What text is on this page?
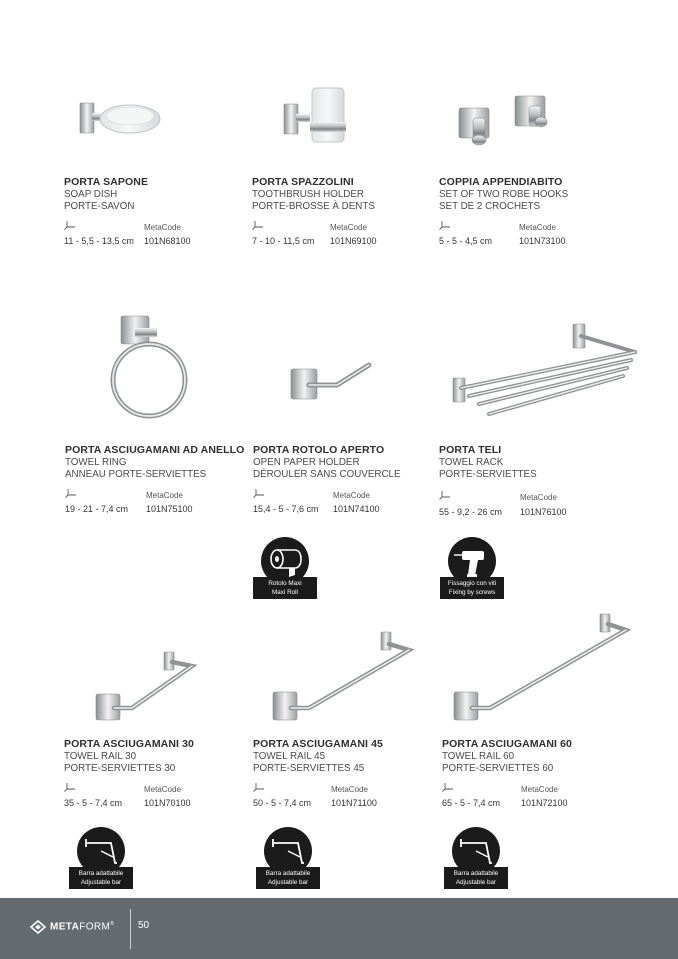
PORTA SAPONE
SOAP DISH
PORTE-SAVON
MetaCode
11 - 5,5 - 13,5 cm 101N68100
PORTA SPAZZOLINI
TOOTHBRUSH HOLDER
PORTE-BROSSE À DENTS
MetaCode
7 - 10 - 11,5 cm 101N69100
COPPIA APPENDIABITO
SET OF TWO ROBE HOOKS
SET DE 2 CROCHETS
MetaCode
5 - 5 - 4,5 cm	101N73100
PORTA ASCIUGAMANI AD ANELLO
TOWEL RING
ANNEAU PORTE-SERVIETTES
MetaCode
19 - 21 - 7,4 cm 101N75100
PORTA ROTOLO APERTO
OPEN PAPER HOLDER
DÉROULER SANS COUVERCLE
MetaCode
15,4 - 5 - 7,6 cm 101N74100
PORTA TELI
TOWEL RACK
PORTE-SERVIETTES
MetaCode
55 - 9,2 - 26 cm 101N76100
Rotolo Maxi
Maxi Roll
Fissaggio con viti
Fixing by screws
PORTA ASCIUGAMANI 30
TOWEL RAIL 30
PORTE-SERVIETTES 30
MetaCode
35 - 5 - 7,4 cm 101N70100
PORTA ASCIUGAMANI 45
TOWEL RAIL 45
PORTE-SERVIETTES 45
MetaCode
50 - 5 - 7,4 cm 101N71100
PORTA ASCIUGAMANI 60
TOWEL RAIL 60
PORTE-SERVIETTES 60
MetaCode
65 - 5 - 7,4 cm 101N72100
Barra adattabile
Adjustable bar
Barra adattabile
Adjustable bar
Barra adattabile
Adjustable bar
METAFORM® 50
